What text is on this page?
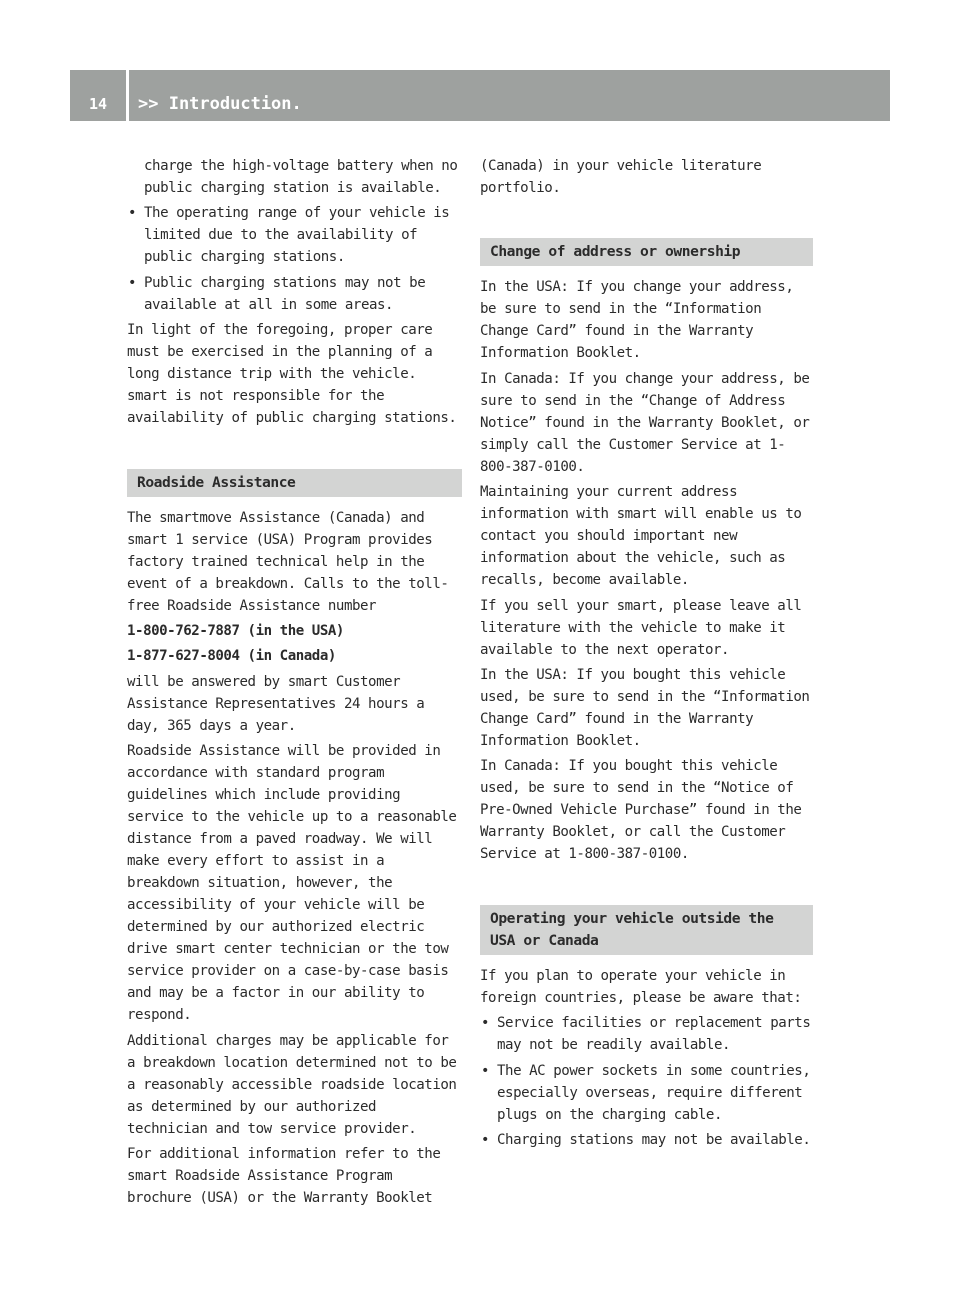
14	>> Introduction.

charge the high-voltage battery when no public charging station is available.

• The operating range of your vehicle is limited due to the availability of public charging stations.
• Public charging stations may not be available at all in some areas.

In light of the foregoing, proper care must be exercised in the planning of a long distance trip with the vehicle. smart is not responsible for the availability of public charging stations.

Roadside Assistance

The smartmove Assistance (Canada) and smart 1 service (USA) Program provides factory trained technical help in the event of a breakdown. Calls to the toll-free Roadside Assistance number

1-800-762-7887 (in the USA)

1-877-627-8004 (in Canada)

will be answered by smart Customer Assistance Representatives 24 hours a day, 365 days a year.

Roadside Assistance will be provided in accordance with standard program guidelines which include providing service to the vehicle up to a reasonable distance from a paved roadway. We will make every effort to assist in a breakdown situation, however, the accessibility of your vehicle will be determined by our authorized electric drive smart center technician or the tow service provider on a case-by-case basis and may be a factor in our ability to respond.

Additional charges may be applicable for a breakdown location determined not to be a reasonably accessible roadside location as determined by our authorized technician and tow service provider.

For additional information refer to the smart Roadside Assistance Program brochure (USA) or the Warranty Booklet

(Canada) in your vehicle literature portfolio.

Change of address or ownership

In the USA: If you change your address, be sure to send in the “Information Change Card” found in the Warranty Information Booklet.

In Canada: If you change your address, be sure to send in the “Change of Address Notice” found in the Warranty Booklet, or simply call the Customer Service at 1-800-387-0100.

Maintaining your current address information with smart will enable us to contact you should important new information about the vehicle, such as recalls, become available.

If you sell your smart, please leave all literature with the vehicle to make it available to the next operator.

In the USA: If you bought this vehicle used, be sure to send in the “Information Change Card” found in the Warranty Information Booklet.

In Canada: If you bought this vehicle used, be sure to send in the “Notice of Pre-Owned Vehicle Purchase” found in the Warranty Booklet, or call the Customer Service at 1-800-387-0100.

Operating your vehicle outside the USA or Canada

If you plan to operate your vehicle in foreign countries, please be aware that:

• Service facilities or replacement parts may not be readily available.
• The AC power sockets in some countries, especially overseas, require different plugs on the charging cable.
• Charging stations may not be available.
